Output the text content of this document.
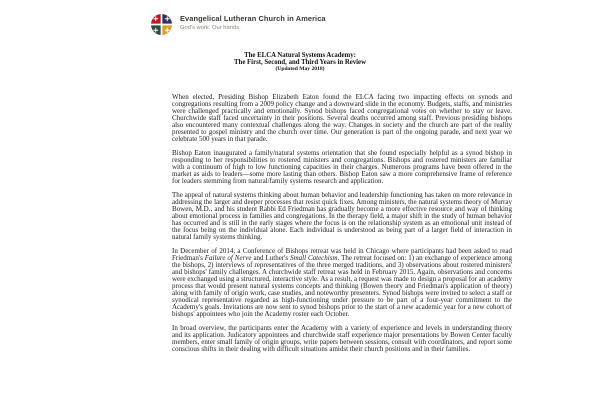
Evangelical Lutheran Church in America
God's work. Our hands.
The ELCA Natural Systems Academy:
The First, Second, and Third Years in Review
(Updated May 2018)

When elected, Presiding Bishop Elizabeth Eaton found the ELCA facing two impacting effects on synods and congregations resulting from a 2009 policy change and a downward slide in the economy. Budgets, staffs, and ministries were challenged practically and emotionally. Synod bishops faced congregational votes on whether to stay or leave. Churchwide staff faced uncertainty in their positions. Several deaths occurred among staff. Previous presiding bishops also encountered many contextual challenges along the way. Changes in society and the church are part of the reality presented to gospel ministry and the church over time. Our generation is part of the ongoing parade, and next year we celebrate 500 years in that parade.

Bishop Eaton inaugurated a family/natural systems orientation that she found especially helpful as a synod bishop in responding to her responsibilities to rostered ministers and congregations. Bishops and rostered ministers are familiar with a continuum of high to low functioning capacities in their charges. Numerous programs have been offered in the market as aids to leaders—some more lasting than others. Bishop Eaton saw a more comprehensive frame of reference for leaders stemming from natural/family systems research and application.

The appeal of natural systems thinking about human behavior and leadership functioning has taken on more relevance in addressing the larger and deeper processes that resist quick fixes. Among ministers, the natural systems theory of Murray Bowen, M.D., and his student Rabbi Ed Friedman has gradually become a more effective resource and way of thinking about emotional process in families and congregations. In the therapy field, a major shift in the study of human behavior has occurred and is still in the early stages where the focus is on the relationship system as an emotional unit instead of the focus being on the individual alone. Each individual is understood as being part of a larger field of interaction in natural family systems thinking.

In December of 2014, a Conference of Bishops retreat was held in Chicago where participants had been asked to read Friedman's Failure of Nerve and Luther's Small Catechism. The retreat focused on: 1) an exchange of experience among the bishops, 2) interviews of representatives of the three merged traditions, and 3) observations about rostered ministers' and bishops' family challenges. A churchwide staff retreat was held in February 2015. Again, observations and concerns were exchanged using a structured, interactive style. As a result, a request was made to design a proposal for an academy process that would present natural systems concepts and thinking (Bowen theory and Friedman's application of theory) along with family of origin work, case studies, and noteworthy presenters. Synod bishops were invited to select a staff or synodical representative regarded as high-functioning under pressure to be part of a four-year commitment to the Academy's goals. Invitations are now sent to synod bishops prior to the start of a new academic year for a new cohort of bishops' appointees who join the Academy roster each October.

In broad overview, the participants enter the Academy with a variety of experience and levels in understanding theory and its application. Judicatory appointees and churchwide staff experience major presentations by Bowen Center faculty members, enter small family of origin groups, write papers between sessions, consult with coordinators, and report some conscious shifts in their dealing with difficult situations amidst their church positions and in their families.
